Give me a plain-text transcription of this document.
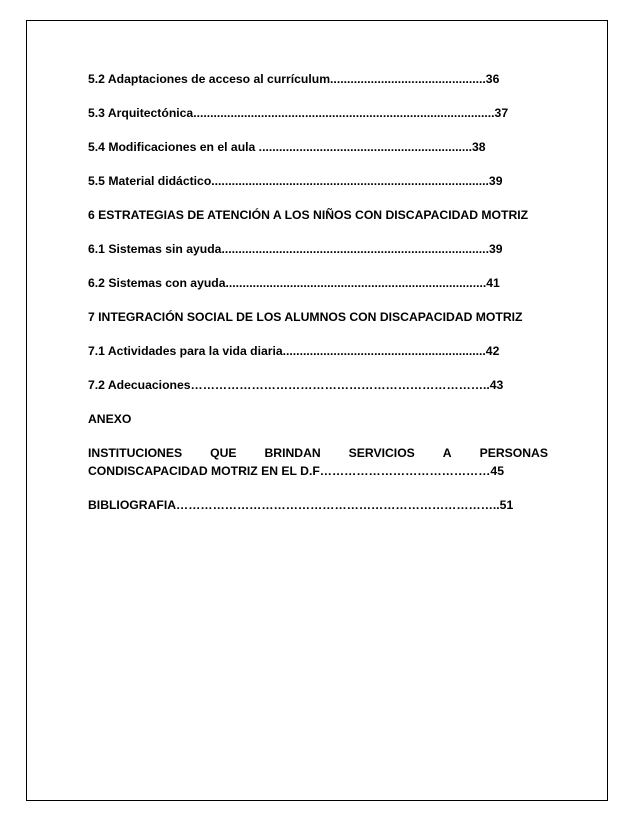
5.2 Adaptaciones de acceso al currículum..............................................36

5.3 Arquitectónica.........................................................................................37

5.4 Modificaciones en el aula ...............................................................38

5.5 Material didáctico..................................................................................39

6 ESTRATEGIAS DE ATENCIÓN A LOS NIÑOS CON DISCAPACIDAD MOTRIZ

6.1 Sistemas sin ayuda...............................................................................39

6.2 Sistemas con ayuda.............................................................................41

7 INTEGRACIÓN SOCIAL DE LOS ALUMNOS CON DISCAPACIDAD MOTRIZ

7.1 Actividades para la vida diaria............................................................42

7.2 Adecuaciones………………………………………………………………..43

ANEXO

INSTITUCIONES QUE BRINDAN SERVICIOS A PERSONAS

CONDISCAPACIDAD MOTRIZ EN EL D.F……………………………………45

BIBLIOGRAFIA……………………………………………………………………..51
